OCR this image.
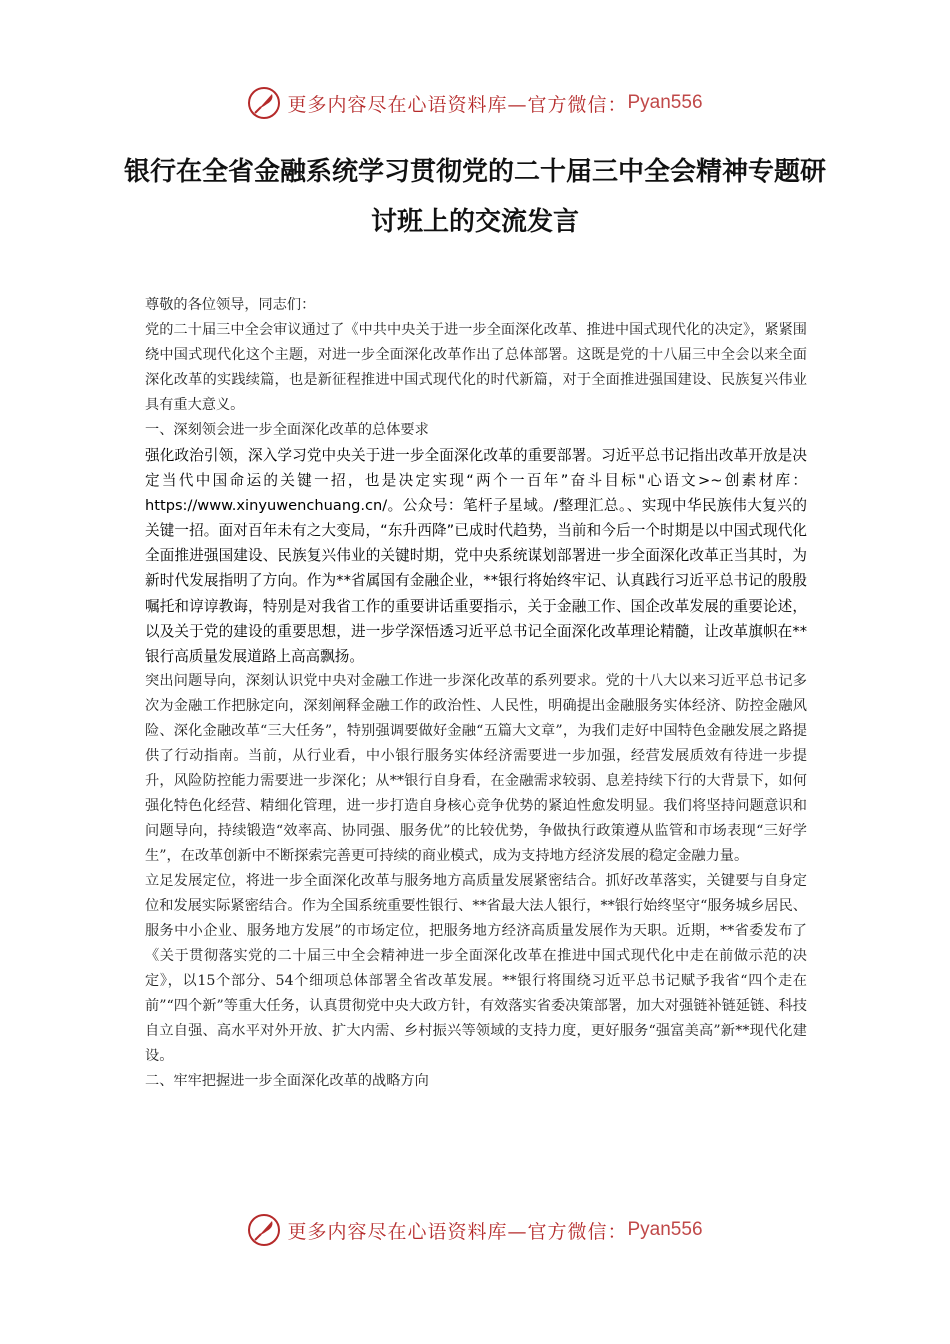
更多内容尽在心语资料库—官方微信： Pyan556
银行在全省金融系统学习贯彻党的二十届三中全会精神专题研讨班上的交流发言

尊敬的各位领导，同志们：

党的二十届三中全会审议通过了《中共中央关于进一步全面深化改革、推进中国式现代化的决定》，紧紧围绕中国式现代化这个主题，对进一步全面深化改革作出了总体部署。这既是党的十八届三中全会以来全面深化改革的实践续篇，也是新征程推进中国式现代化的时代新篇，对于全面推进强国建设、民族复兴伟业具有重大意义。

一、深刻领会进一步全面深化改革的总体要求

强化政治引领，深入学习党中央关于进一步全面深化改革的重要部署。习近平总书记指出改革开放是决定当代中国命运的关键一招，也是决定实现“两个一百年”奋斗目标"心语文>~创素材库：https://www.xinyuwenchuang.cn/。公众号：笔杆子星域。/整理汇总。、实现中华民族伟大复兴的关键一招。面对百年未有之大变局，“东升西降”已成时代趋势，当前和今后一个时期是以中国式现代化全面推进强国建设、民族复兴伟业的关键时期，党中央系统谋划部署进一步全面深化改革正当其时，为新时代发展指明了方向。作为**省属国有金融企业，**银行将始终牢记、认真践行习近平总书记的殷殷嘱托和谆谆教诲，特别是对我省工作的重要讲话重要指示，关于金融工作、国企改革发展的重要论述，以及关于党的建设的重要思想，进一步学深悟透习近平总书记全面深化改革理论精髓，让改革旗帜在**银行高质量发展道路上高高飘扬。

突出问题导向，深刻认识党中央对金融工作进一步深化改革的系列要求。党的十八大以来习近平总书记多次为金融工作把脉定向，深刻阐释金融工作的政治性、人民性，明确提出金融服务实体经济、防控金融风险、深化金融改革“三大任务”，特别强调要做好金融“五篇大文章”，为我们走好中国特色金融发展之路提供了行动指南。当前，从行业看，中小银行服务实体经济需要进一步加强，经营发展质效有待进一步提升，风险防控能力需要进一步深化；从**银行自身看，在金融需求较弱、息差持续下行的大背景下，如何强化特色化经营、精细化管理，进一步打造自身核心竞争优势的紧迫性愈发明显。我们将坚持问题意识和问题导向，持续锻造“效率高、协同强、服务优”的比较优势，争做执行政策遵从监管和市场表现“三好学生”，在改革创新中不断探索完善更可持续的商业模式，成为支持地方经济发展的稳定金融力量。

立足发展定位，将进一步全面深化改革与服务地方高质量发展紧密结合。抓好改革落实，关键要与自身定位和发展实际紧密结合。作为全国系统重要性银行、**省最大法人银行，**银行始终坚守“服务城乡居民、服务中小企业、服务地方发展”的市场定位，把服务地方经济高质量发展作为天职。近期，**省委发布了《关于贯彻落实党的二十届三中全会精神进一步全面深化改革在推进中国式现代化中走在前做示范的决定》，以15个部分、54个细项总体部署全省改革发展。**银行将围绕习近平总书记赋予我省“四个走在前”“四个新”等重大任务，认真贯彻党中央大政方针，有效落实省委决策部署，加大对强链补链延链、科技自立自强、高水平对外开放、扩大内需、乡村振兴等领域的支持力度，更好服务“强富美高”新**现代化建设。

二、牢牢把握进一步全面深化改革的战略方向

更多内容尽在心语资料库—官方微信： Pyan556
